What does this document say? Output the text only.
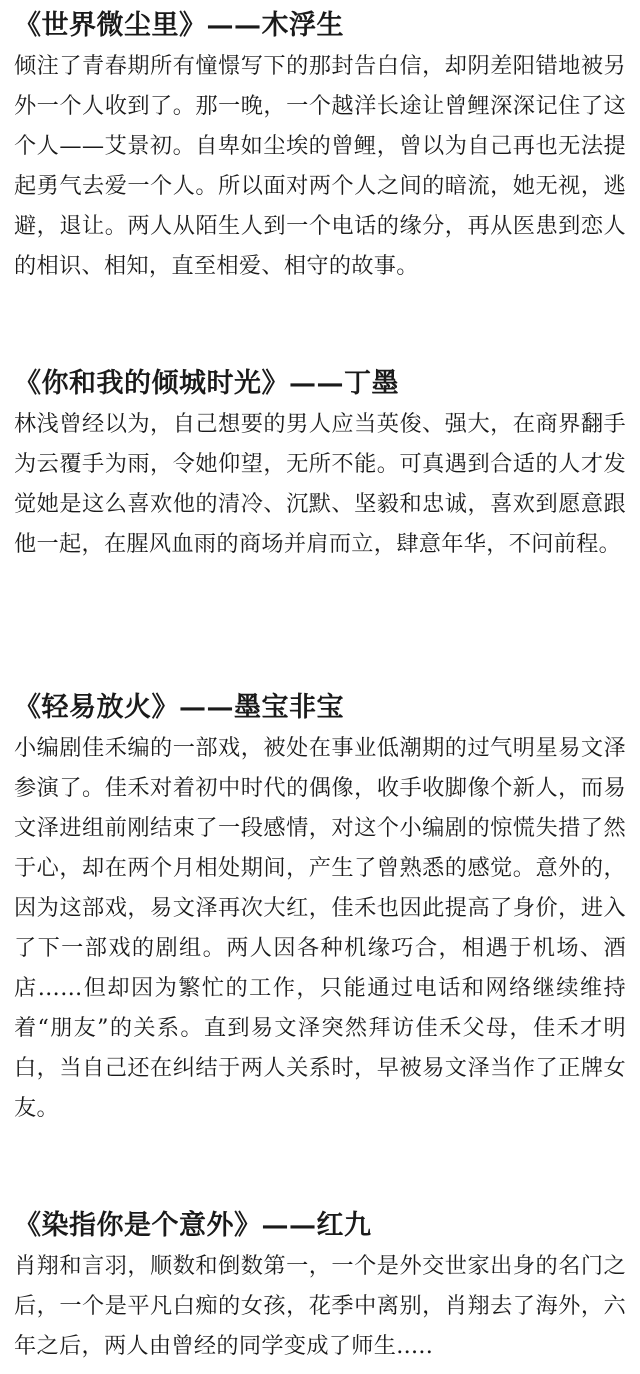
《世界微尘里》——木浮生

倾注了青春期所有憧憬写下的那封告白信，却阴差阳错地被另外一个人收到了。那一晚，一个越洋长途让曾鲤深深记住了这个人——艾景初。自卑如尘埃的曾鲤，曾以为自己再也无法提起勇气去爱一个人。所以面对两个人之间的暗流，她无视，逃避，退让。两人从陌生人到一个电话的缘分，再从医患到恋人的相识、相知，直至相爱、相守的故事。

《你和我的倾城时光》——丁墨

林浅曾经以为，自己想要的男人应当英俊、强大，在商界翻手为云覆手为雨，令她仰望，无所不能。可真遇到合适的人才发觉她是这么喜欢他的清冷、沉默、坚毅和忠诚，喜欢到愿意跟他一起，在腥风血雨的商场并肩而立，肆意年华，不问前程。

《轻易放火》——墨宝非宝

小编剧佳禾编的一部戏，被处在事业低潮期的过气明星易文泽参演了。佳禾对着初中时代的偶像，收手收脚像个新人，而易文泽进组前刚结束了一段感情，对这个小编剧的惊慌失措了然于心，却在两个月相处期间，产生了曾熟悉的感觉。意外的，因为这部戏，易文泽再次大红，佳禾也因此提高了身价，进入了下一部戏的剧组。两人因各种机缘巧合，相遇于机场、酒店……但却因为繁忙的工作，只能通过电话和网络继续维持着“朋友”的关系。直到易文泽突然拜访佳禾父母，佳禾才明白，当自己还在纠结于两人关系时，早被易文泽当作了正牌女友。

《染指你是个意外》——红九

肖翔和言羽，顺数和倒数第一，一个是外交世家出身的名门之后，一个是平凡白痴的女孩，花季中离别，肖翔去了海外，六年之后，两人由曾经的同学变成了师生.....
